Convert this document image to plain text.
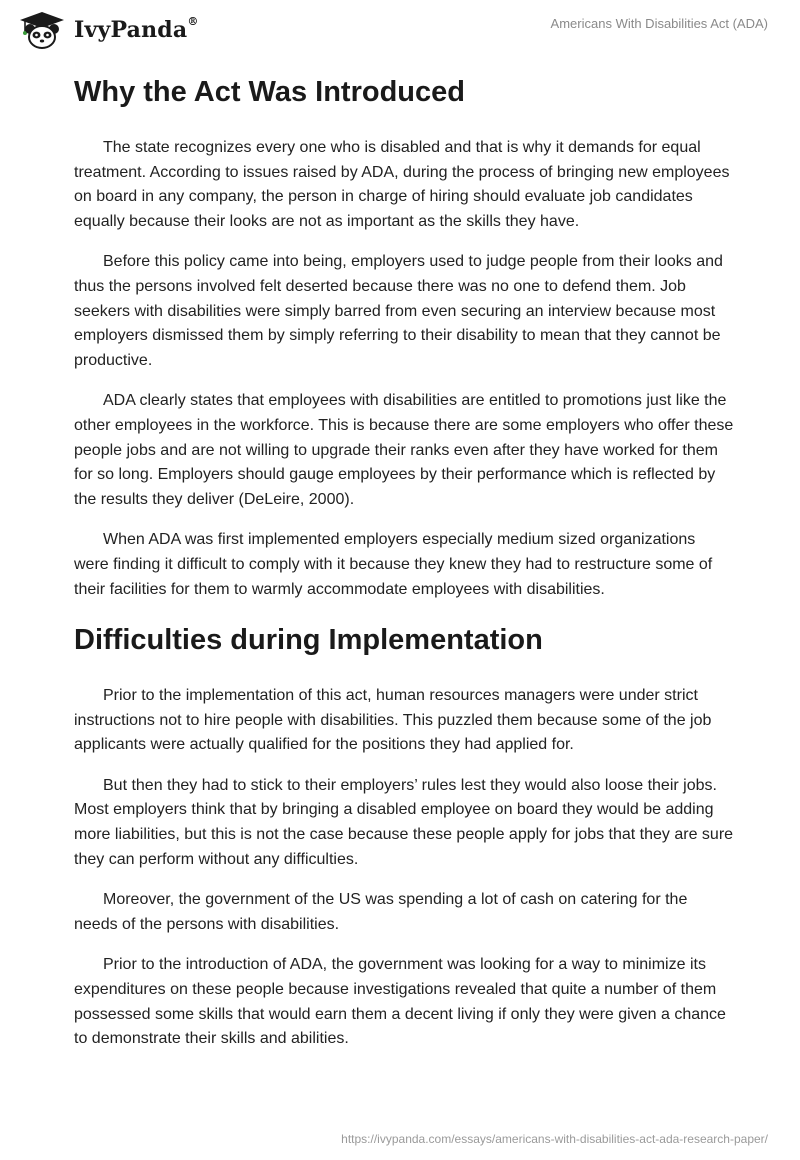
IvyPanda®	Americans With Disabilities Act (ADA)
Why the Act Was Introduced

The state recognizes every one who is disabled and that is why it demands for equal treatment. According to issues raised by ADA, during the process of bringing new employees on board in any company, the person in charge of hiring should evaluate job candidates equally because their looks are not as important as the skills they have.

Before this policy came into being, employers used to judge people from their looks and thus the persons involved felt deserted because there was no one to defend them. Job seekers with disabilities were simply barred from even securing an interview because most employers dismissed them by simply referring to their disability to mean that they cannot be productive.

ADA clearly states that employees with disabilities are entitled to promotions just like the other employees in the workforce. This is because there are some employers who offer these people jobs and are not willing to upgrade their ranks even after they have worked for them for so long. Employers should gauge employees by their performance which is reflected by the results they deliver (DeLeire, 2000).

When ADA was first implemented employers especially medium sized organizations were finding it difficult to comply with it because they knew they had to restructure some of their facilities for them to warmly accommodate employees with disabilities.

Difficulties during Implementation

Prior to the implementation of this act, human resources managers were under strict instructions not to hire people with disabilities. This puzzled them because some of the job applicants were actually qualified for the positions they had applied for.

But then they had to stick to their employers’ rules lest they would also loose their jobs. Most employers think that by bringing a disabled employee on board they would be adding more liabilities, but this is not the case because these people apply for jobs that they are sure they can perform without any difficulties.

Moreover, the government of the US was spending a lot of cash on catering for the needs of the persons with disabilities.

Prior to the introduction of ADA, the government was looking for a way to minimize its expenditures on these people because investigations revealed that quite a number of them possessed some skills that would earn them a decent living if only they were given a chance to demonstrate their skills and abilities.

https://ivypanda.com/essays/americans-with-disabilities-act-ada-research-paper/
